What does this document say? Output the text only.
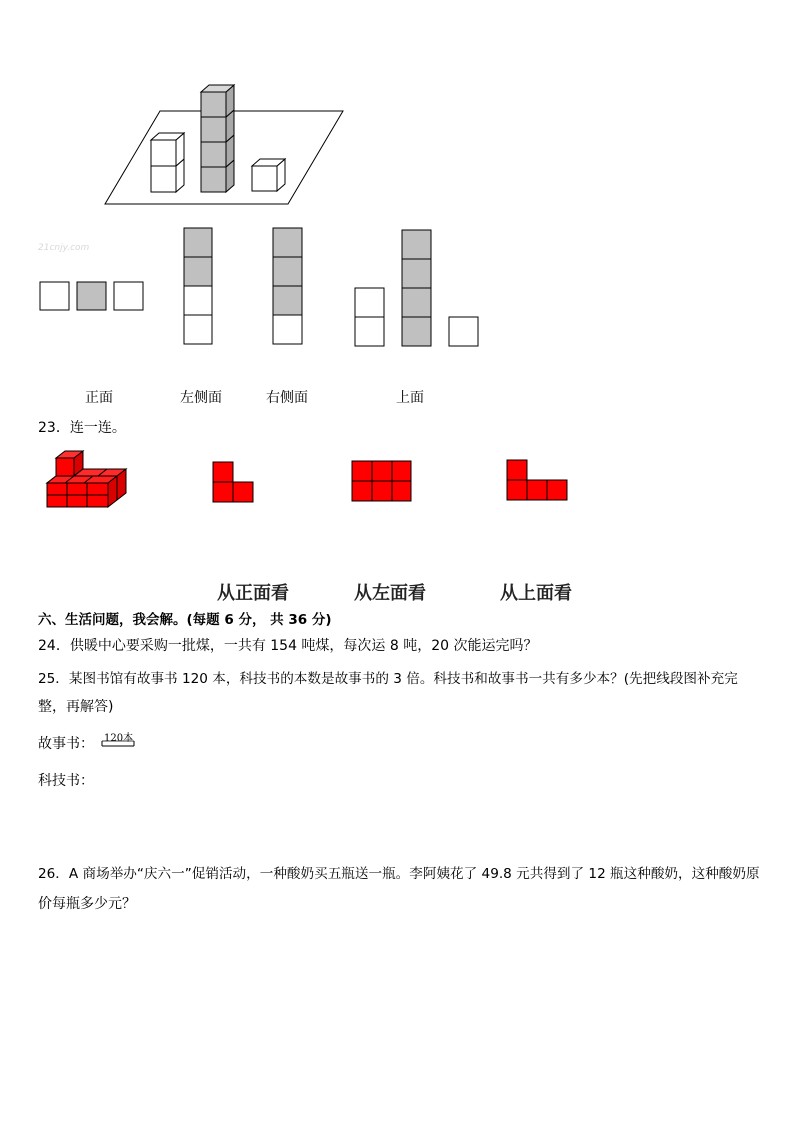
21cnjy.com
正面	左侧面	右侧面	上面
23．连一连。
从正面看	从左面看	从上面看
六、生活问题，我会解。(每题 6 分， 共 36 分)
24．供暖中心要采购一批煤，一共有 154 吨煤，每次运 8 吨，20 次能运完吗？
25．某图书馆有故事书 120 本，科技书的本数是故事书的 3 倍。科技书和故事书一共有多少本？(先把线段图补充完
整，再解答)
故事书： 120本
科技书：
26．A 商场举办“庆六一”促销活动，一种酸奶买五瓶送一瓶。李阿姨花了 49.8 元共得到了 12 瓶这种酸奶，这种酸奶原
价每瓶多少元？
